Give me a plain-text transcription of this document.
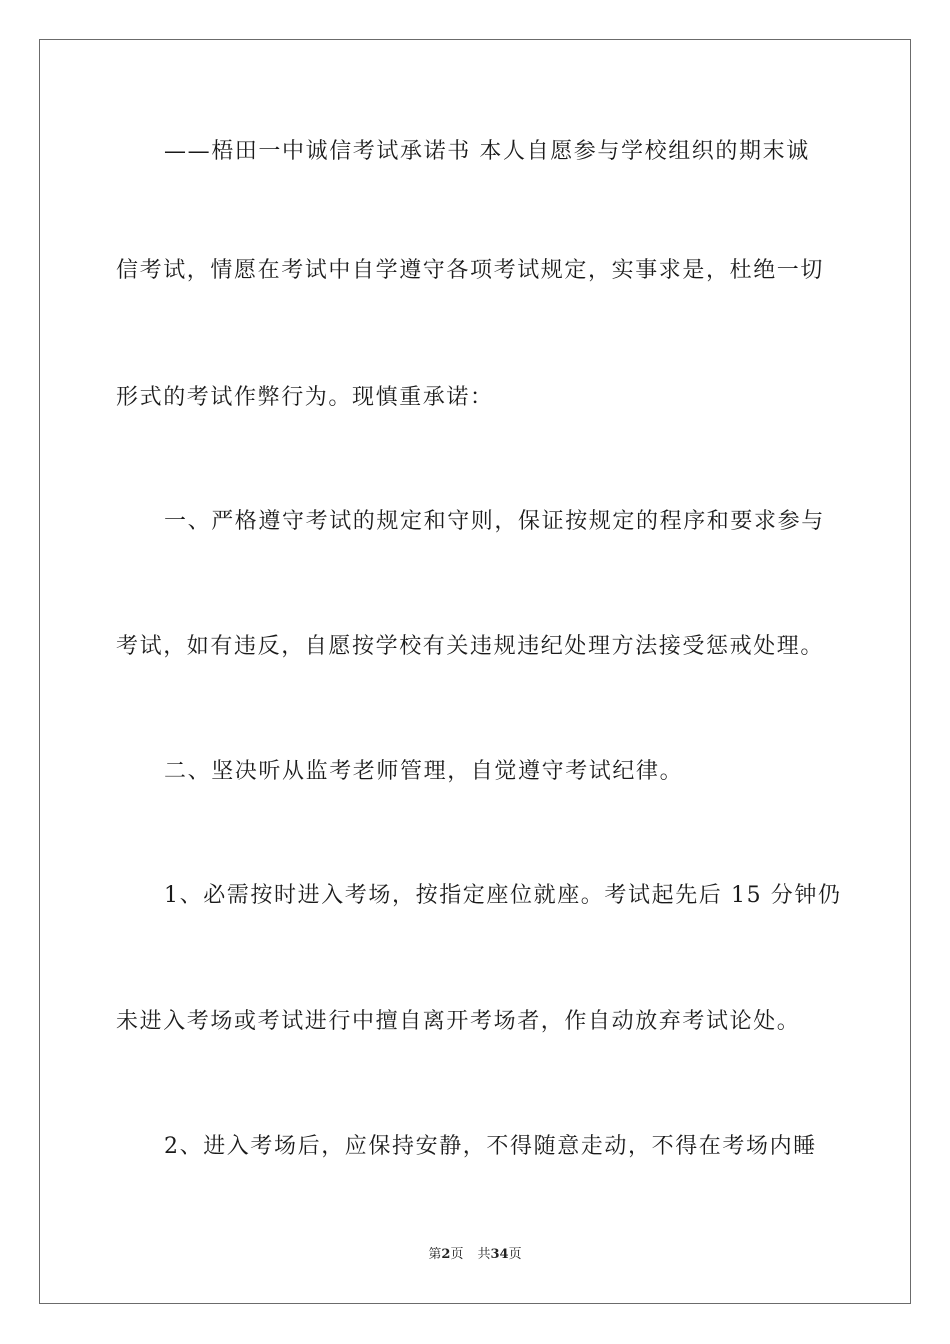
——梧田一中诚信考试承诺书 本人自愿参与学校组织的期末诚
信考试，情愿在考试中自学遵守各项考试规定，实事求是，杜绝一切
形式的考试作弊行为。现慎重承诺：
一、严格遵守考试的规定和守则，保证按规定的程序和要求参与
考试，如有违反，自愿按学校有关违规违纪处理方法接受惩戒处理。
二、坚决听从监考老师管理，自觉遵守考试纪律。
1、必需按时进入考场，按指定座位就座。考试起先后 15 分钟仍
未进入考场或考试进行中擅自离开考场者，作自动放弃考试论处。
2、进入考场后，应保持安静，不得随意走动，不得在考场内睡
第2页 共34页
